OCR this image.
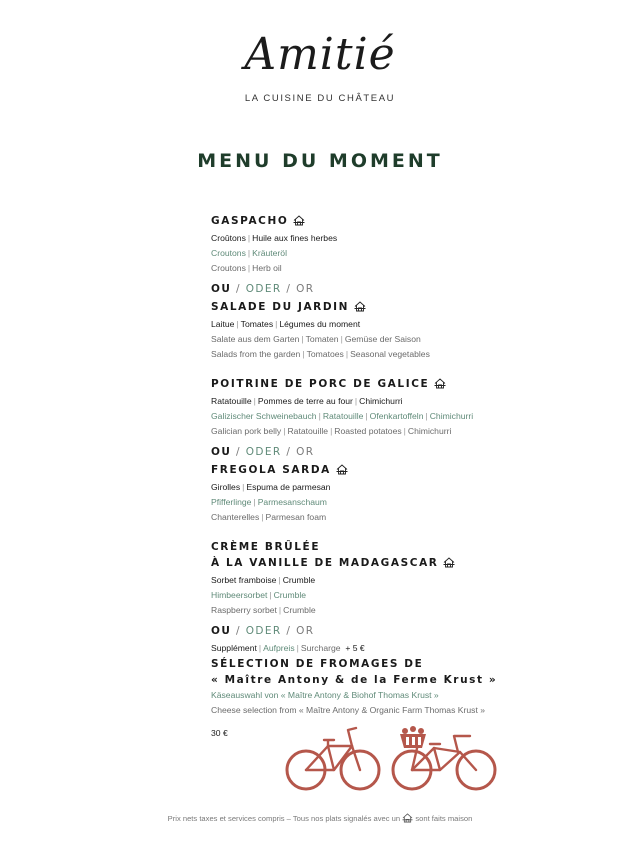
Amitié
LA CUISINE DU CHÂTEAU
MENU DU MOMENT
GASPACHO
Croûtons | Huile aux fines herbes
Croutons | Kräuteröl
Croutons | Herb oil
OU / ODER / OR
SALADE DU JARDIN
Laitue | Tomates | Légumes du moment
Salate aus dem Garten | Tomaten | Gemüse der Saison
Salads from the garden | Tomatoes | Seasonal vegetables
POITRINE DE PORC DE GALICE
Ratatouille | Pommes de terre au four | Chimichurri
Galizischer Schweinebauch | Ratatouille | Ofenkartoffeln | Chimichurri
Galician pork belly | Ratatouille | Roasted potatoes | Chimichurri
OU / ODER / OR
FREGOLA SARDA
Girolles | Espuma de parmesan
Pfifferlinge | Parmesanschaum
Chanterelles | Parmesan foam
CRÈME BRÛLÉE
À LA VANILLE DE MADAGASCAR
Sorbet framboise | Crumble
Himbeersorbet | Crumble
Raspberry sorbet | Crumble
OU / ODER / OR
Supplément | Aufpreis | Surcharge + 5 €
SÉLECTION DE FROMAGES DE
« Maître Antony & de la Ferme Krust »
Käseauswahl von « Maître Antony & Biohof Thomas Krust »
Cheese selection from « Maître Antony & Organic Farm Thomas Krust »
30 €
Prix nets taxes et services compris – Tous nos plats signalés avec un sont faits maison
